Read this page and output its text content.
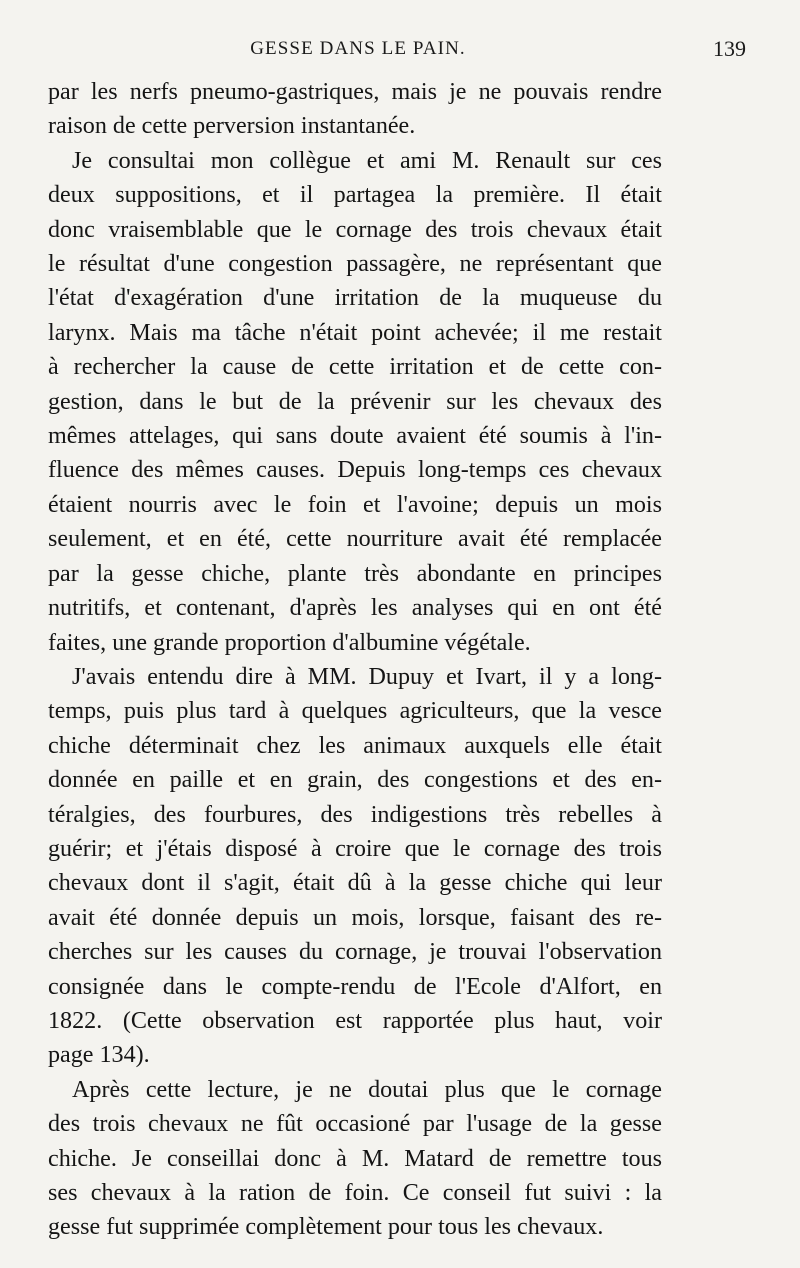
GESSE DANS LE PAIN.	139

par les nerfs pneumo-gastriques, mais je ne pouvais rendre
raison de cette perversion instantanée.

Je consultai mon collègue et ami M. Renault sur ces
deux suppositions, et il partagea la première. Il était
donc vraisemblable que le cornage des trois chevaux était
le résultat d'une congestion passagère, ne représentant que
l'état d'exagération d'une irritation de la muqueuse du
larynx. Mais ma tâche n'était point achevée; il me restait
à rechercher la cause de cette irritation et de cette con-
gestion, dans le but de la prévenir sur les chevaux des
mêmes attelages, qui sans doute avaient été soumis à l'in-
fluence des mêmes causes. Depuis long-temps ces chevaux
étaient nourris avec le foin et l'avoine; depuis un mois
seulement, et en été, cette nourriture avait été remplacée
par la gesse chiche, plante très abondante en principes
nutritifs, et contenant, d'après les analyses qui en ont été
faites, une grande proportion d'albumine végétale.

J'avais entendu dire à MM. Dupuy et Ivart, il y a long-
temps, puis plus tard à quelques agriculteurs, que la vesce
chiche déterminait chez les animaux auxquels elle était
donnée en paille et en grain, des congestions et des en-
téralgies, des fourbures, des indigestions très rebelles à
guérir; et j'étais disposé à croire que le cornage des trois
chevaux dont il s'agit, était dû à la gesse chiche qui leur
avait été donnée depuis un mois, lorsque, faisant des re-
cherches sur les causes du cornage, je trouvai l'observation
consignée dans le compte-rendu de l'Ecole d'Alfort, en
1822. (Cette observation est rapportée plus haut, voir
page 134).

Après cette lecture, je ne doutai plus que le cornage
des trois chevaux ne fût occasioné par l'usage de la gesse
chiche. Je conseillai donc à M. Matard de remettre tous
ses chevaux à la ration de foin. Ce conseil fut suivi : la
gesse fut supprimée complètement pour tous les chevaux.
